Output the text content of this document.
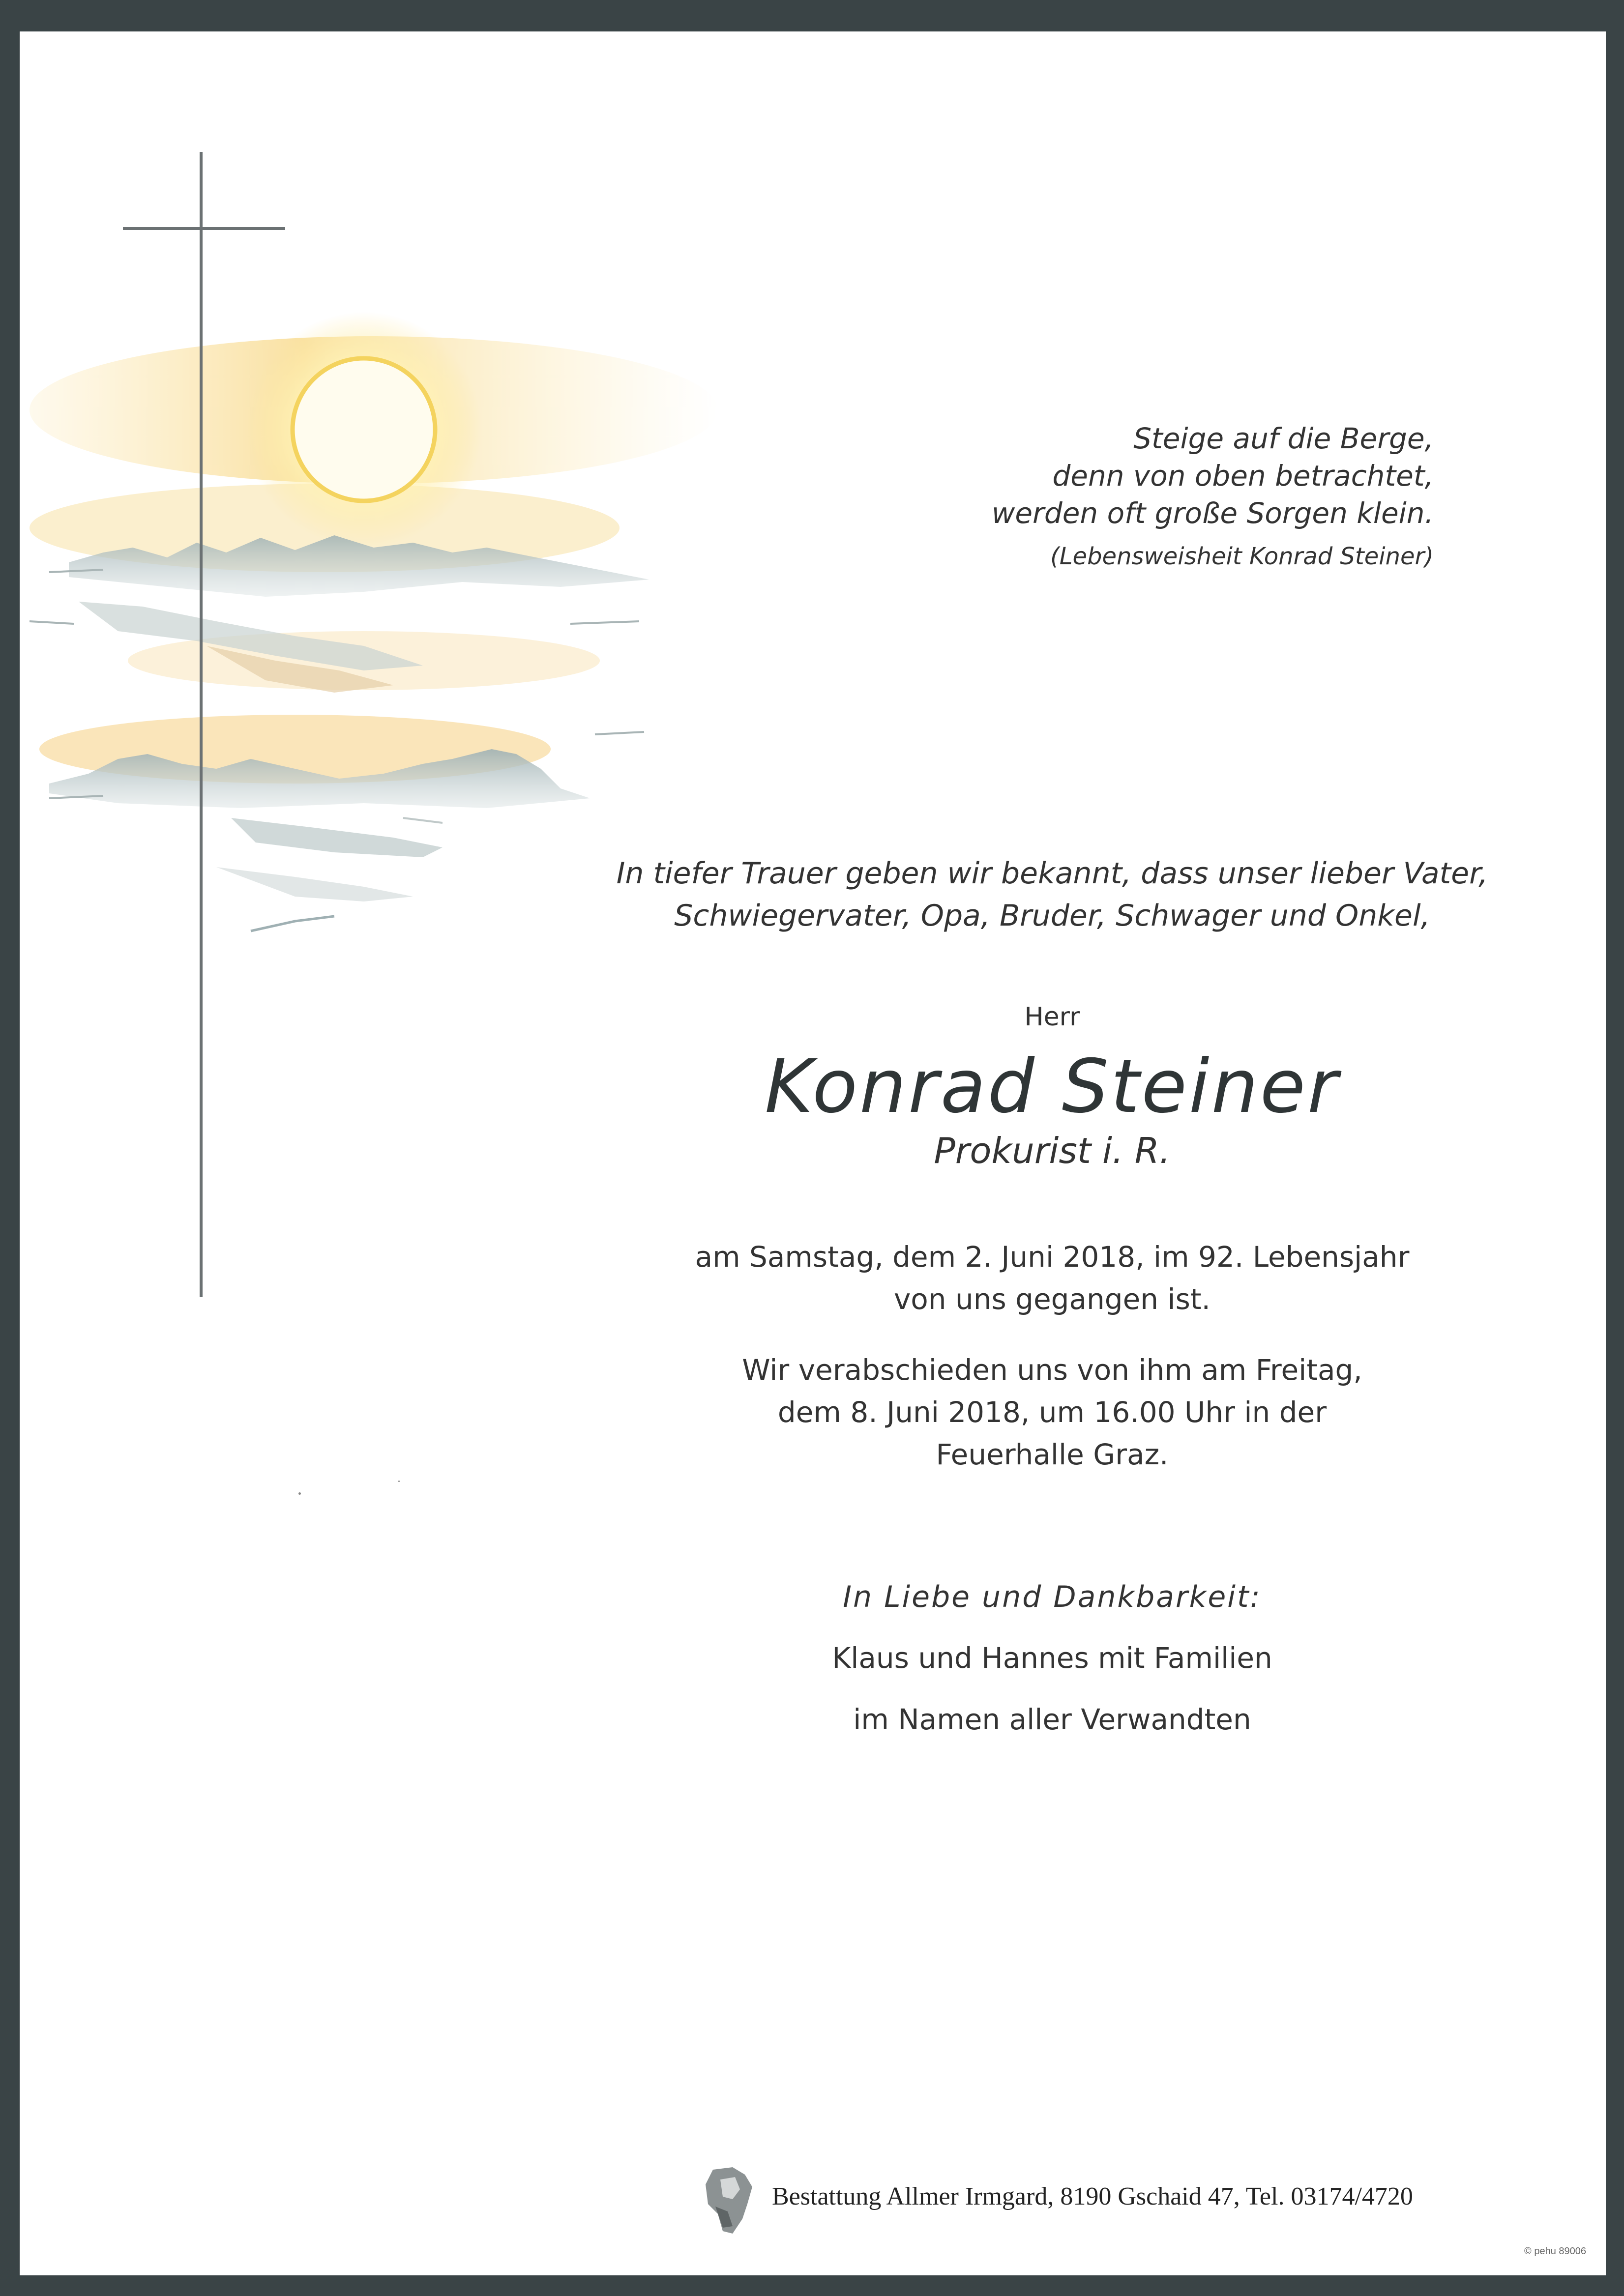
Steige auf die Berge,
denn von oben betrachtet,
werden oft große Sorgen klein.
(Lebensweisheit Konrad Steiner)
In tiefer Trauer geben wir bekannt, dass unser lieber Vater,
Schwiegervater, Opa, Bruder, Schwager und Onkel,
Herr
Konrad Steiner
Prokurist i. R.
am Samstag, dem 2. Juni 2018, im 92. Lebensjahr
von uns gegangen ist.
Wir verabschieden uns von ihm am Freitag,
dem 8. Juni 2018, um 16.00 Uhr in der
Feuerhalle Graz.
In Liebe und Dankbarkeit:
Klaus und Hannes mit Familien
im Namen aller Verwandten
Bestattung Allmer Irmgard, 8190 Gschaid 47, Tel. 03174/4720
© pehu 89006
